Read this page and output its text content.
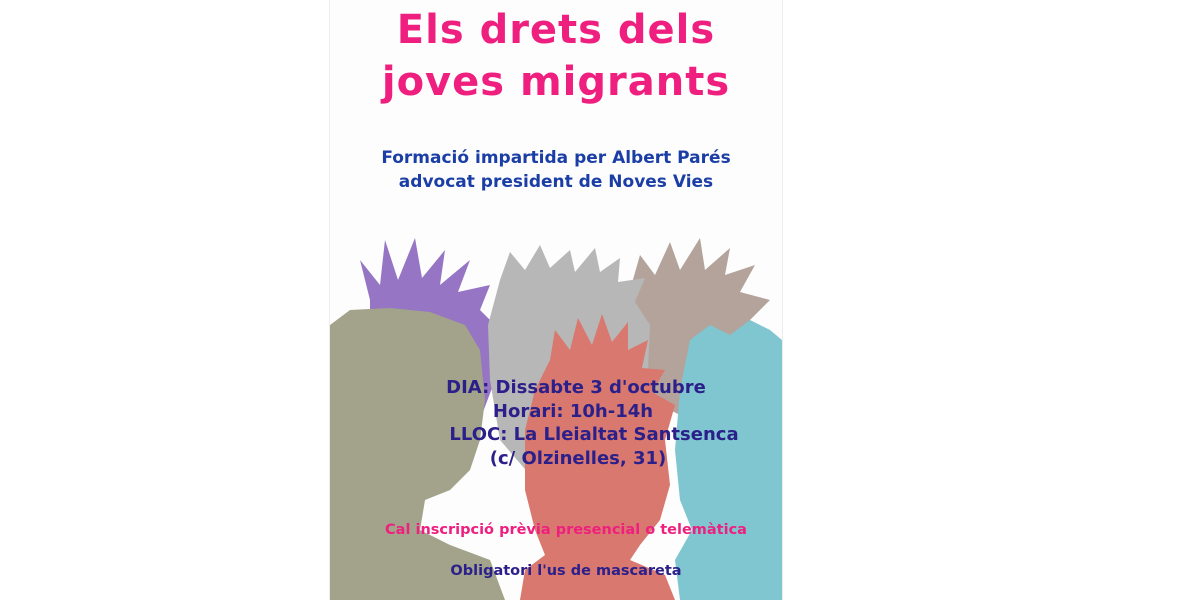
Els drets dels
joves migrants
Formació impartida per Albert Parés
advocat president de Noves Vies
DIA: Dissabte 3 d'octubre
Horari: 10h-14h
LLOC: La Lleialtat Santsenca
(c/ Olzinelles, 31)
Cal inscripció prèvia presencial o telemàtica
Obligatori l'us de mascareta
